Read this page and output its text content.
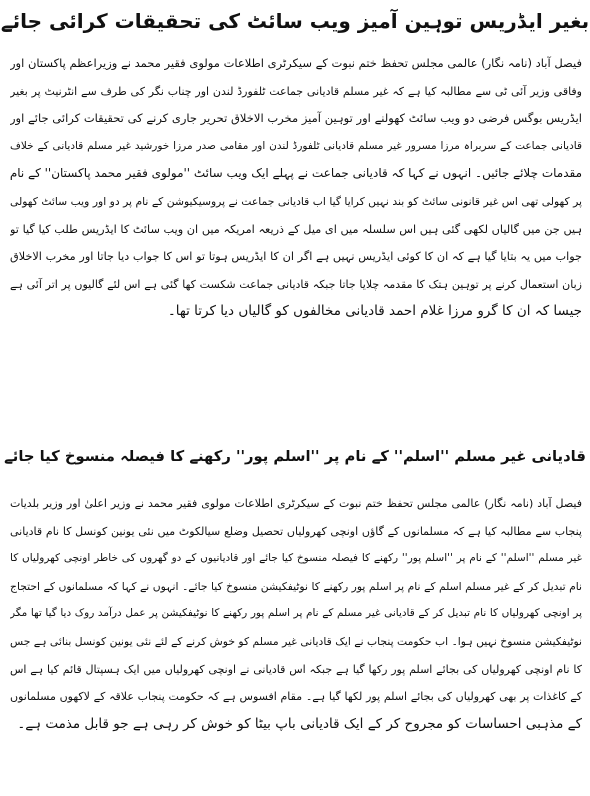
بغیر ایڈریس توہین آمیز ویب سائٹ کی تحقیقات کرائی جائے
فیصل آباد (نامہ نگار) عالمی مجلس تحفظ ختم نبوت کے سیکرٹری اطلاعات مولوی فقیر محمد نے وزیراعظم پاکستان اور
وفاقی وزیر آئی ٹی سے مطالبہ کیا ہے کہ غیر مسلم قادیانی جماعت ٹلفورڈ لندن اور چناب نگر کی طرف سے انٹرنیٹ پر بغیر
ایڈریس بوگس فرضی دو ویب سائٹ کھولنے اور توہین آمیز مخرب الاخلاق تحریر جاری کرنے کی تحقیقات کرائی جائے اور
قادیانی جماعت کے سربراہ مرزا مسرور غیر مسلم قادیانی ٹلفورڈ لندن اور مقامی صدر مرزا خورشید غیر مسلم قادیانی کے خلاف
مقدمات چلائے جائیں۔ انہوں نے کہا کہ قادیانی جماعت نے پہلے ایک ویب سائٹ ''مولوی فقیر محمد پاکستان'' کے نام
پر کھولی تھی اس غیر قانونی سائٹ کو بند نہیں کرایا گیا اب قادیانی جماعت نے پروسیکیوشن کے نام پر دو اور ویب سائٹ کھولی
ہیں جن میں گالیاں لکھی گئی ہیں اس سلسلہ میں ای میل کے ذریعہ امریکہ میں ان ویب سائٹ کا ایڈریس طلب کیا گیا تو
جواب میں یہ بتایا گیا ہے کہ ان کا کوئی ایڈریس نہیں ہے اگر ان کا ایڈریس ہوتا تو اس کا جواب دیا جاتا اور مخرب الاخلاق
زبان استعمال کرنے پر توہین ہتک کا مقدمہ چلایا جاتا جبکہ قادیانی جماعت شکست کھا گئی ہے اس لئے گالیوں پر اتر آئی ہے
جیسا کہ ان کا گرو مرزا غلام احمد قادیانی مخالفوں کو گالیاں دیا کرتا تھا۔
قادیانی غیر مسلم ''اسلم'' کے نام پر ''اسلم پور'' رکھنے کا فیصلہ منسوخ کیا جائے
فیصل آباد (نامہ نگار) عالمی مجلس تحفظ ختم نبوت کے سیکرٹری اطلاعات مولوی فقیر محمد نے وزیر اعلیٰ اور وزیر بلدیات
پنجاب سے مطالبہ کیا ہے کہ مسلمانوں کے گاؤں اونچی کھرولیاں تحصیل وضلع سیالکوٹ میں نئی یونین کونسل کا نام قادیانی
غیر مسلم ''اسلم'' کے نام پر ''اسلم پور'' رکھنے کا فیصلہ منسوخ کیا جائے اور قادیانیوں کے دو گھروں کی خاطر اونچی کھرولیاں کا
نام تبدیل کر کے غیر مسلم اسلم کے نام پر اسلم پور رکھنے کا نوٹیفکیشن منسوخ کیا جائے۔ انہوں نے کہا کہ مسلمانوں کے احتجاج
پر اونچی کھرولیاں کا نام تبدیل کر کے قادیانی غیر مسلم کے نام پر اسلم پور رکھنے کا نوٹیفکیشن پر عمل درآمد روک دیا گیا تھا مگر
نوٹیفکیشن منسوخ نہیں ہوا۔ اب حکومت پنجاب نے ایک قادیانی غیر مسلم کو خوش کرنے کے لئے نئی یونین کونسل بنائی ہے جس
کا نام اونچی کھرولیاں کی بجائے اسلم پور رکھا گیا ہے جبکہ اس قادیانی نے اونچی کھرولیاں میں ایک ہسپتال قائم کیا ہے اس
کے کاغذات پر بھی کھرولیاں کی بجائے اسلم پور لکھا گیا ہے۔ مقام افسوس ہے کہ حکومت پنجاب علاقہ کے لاکھوں مسلمانوں
کے مذہبی احساسات کو مجروح کر کے ایک قادیانی باپ بیٹا کو خوش کر رہی ہے جو قابل مذمت ہے۔
